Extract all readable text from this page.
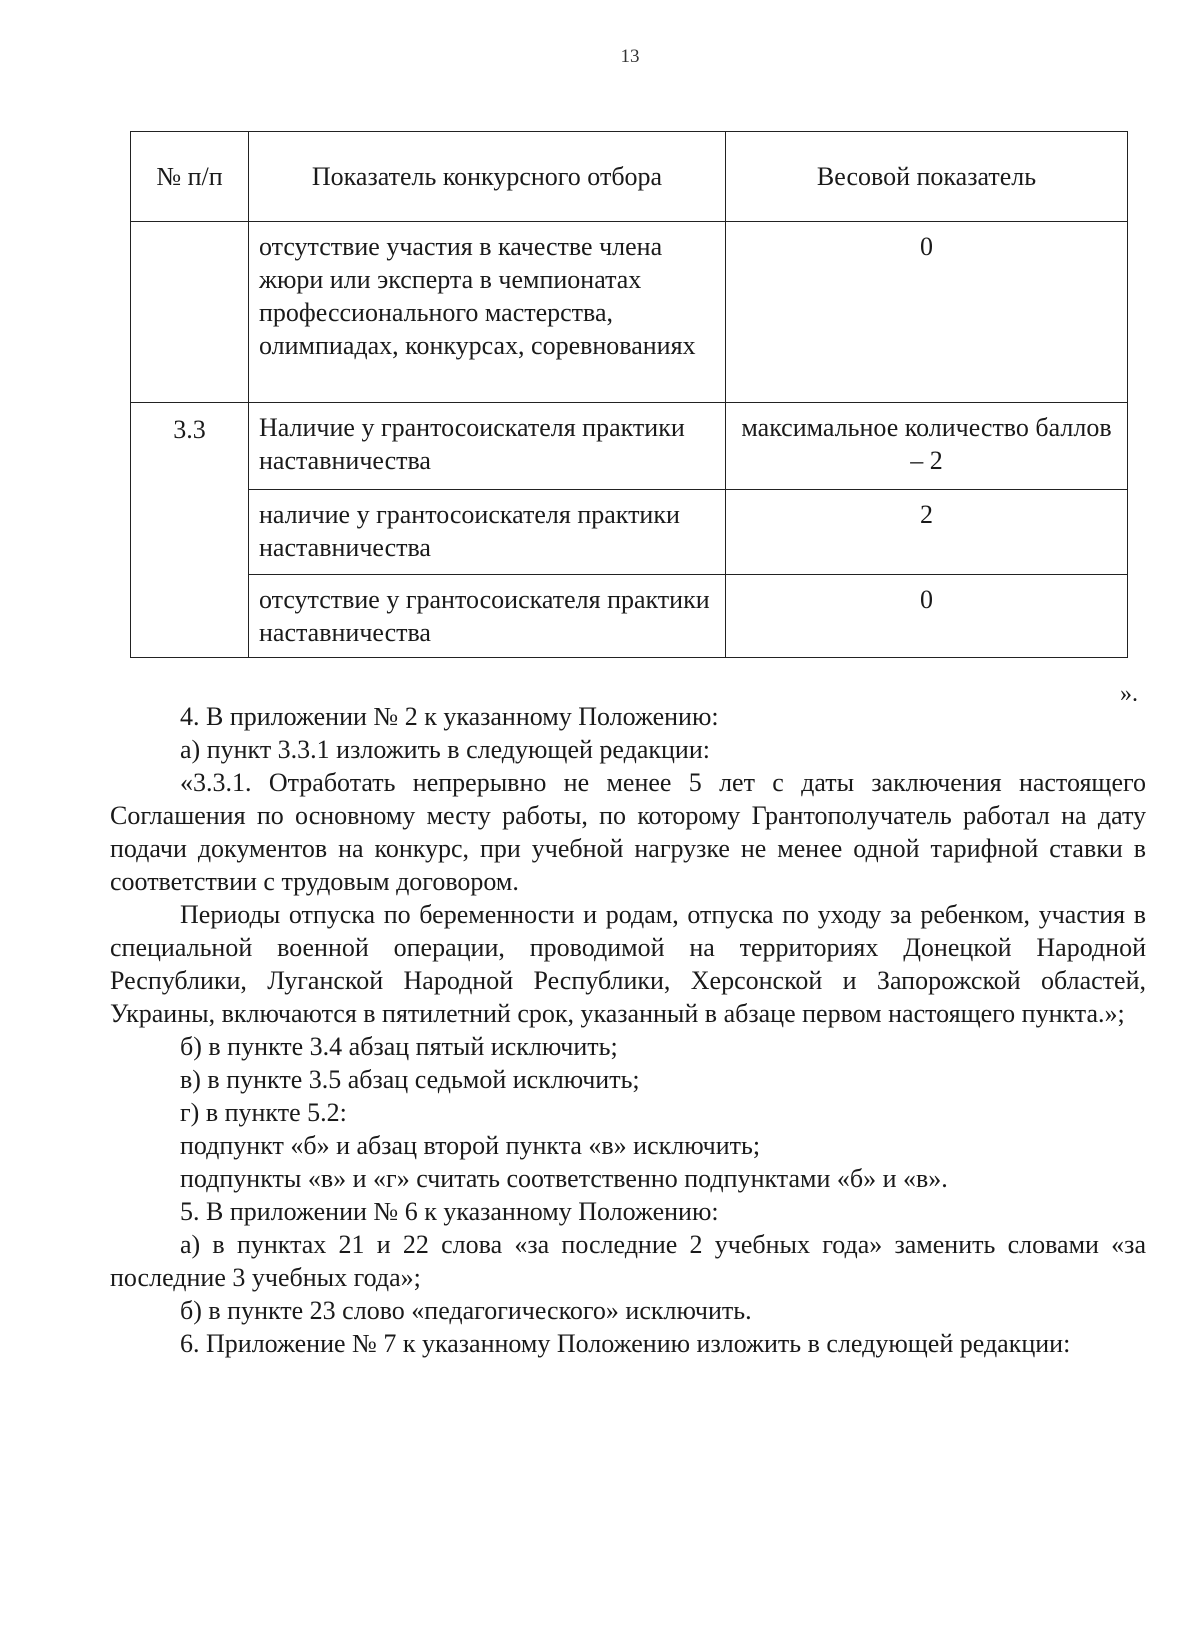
13
№ п/п	Показатель конкурсного отбора	Весовой показатель
	отсутствие участия в качестве члена жюри или эксперта в чемпионатах профессионального мастерства, олимпиадах, конкурсах, соревнованиях	0
3.3	Наличие у грантосоискателя практики наставничества	максимальное количество баллов – 2
	наличие у грантосоискателя практики наставничества	2
	отсутствие у грантосоискателя практики наставничества	0
».

4. В приложении № 2 к указанному Положению:

а) пункт 3.3.1 изложить в следующей редакции:

«3.3.1. Отработать непрерывно не менее 5 лет с даты заключения настоящего Соглашения по основному месту работы, по которому Грантополучатель работал на дату подачи документов на конкурс, при учебной нагрузке не менее одной тарифной ставки в соответствии с трудовым договором.

Периоды отпуска по беременности и родам, отпуска по уходу за ребенком, участия в специальной военной операции, проводимой на территориях Донецкой Народной Республики, Луганской Народной Республики, Херсонской и Запорожской областей, Украины, включаются в пятилетний срок, указанный в абзаце первом настоящего пункта.»;

б) в пункте 3.4 абзац пятый исключить;

в) в пункте 3.5 абзац седьмой исключить;

г) в пункте 5.2:

подпункт «б» и абзац второй пункта «в» исключить;

подпункты «в» и «г» считать соответственно подпунктами «б» и «в».

5. В приложении № 6 к указанному Положению:

а) в пунктах 21 и 22 слова «за последние 2 учебных года» заменить словами «за последние 3 учебных года»;

б) в пункте 23 слово «педагогического» исключить.

6. Приложение № 7 к указанному Положению изложить в следующей редакции:
